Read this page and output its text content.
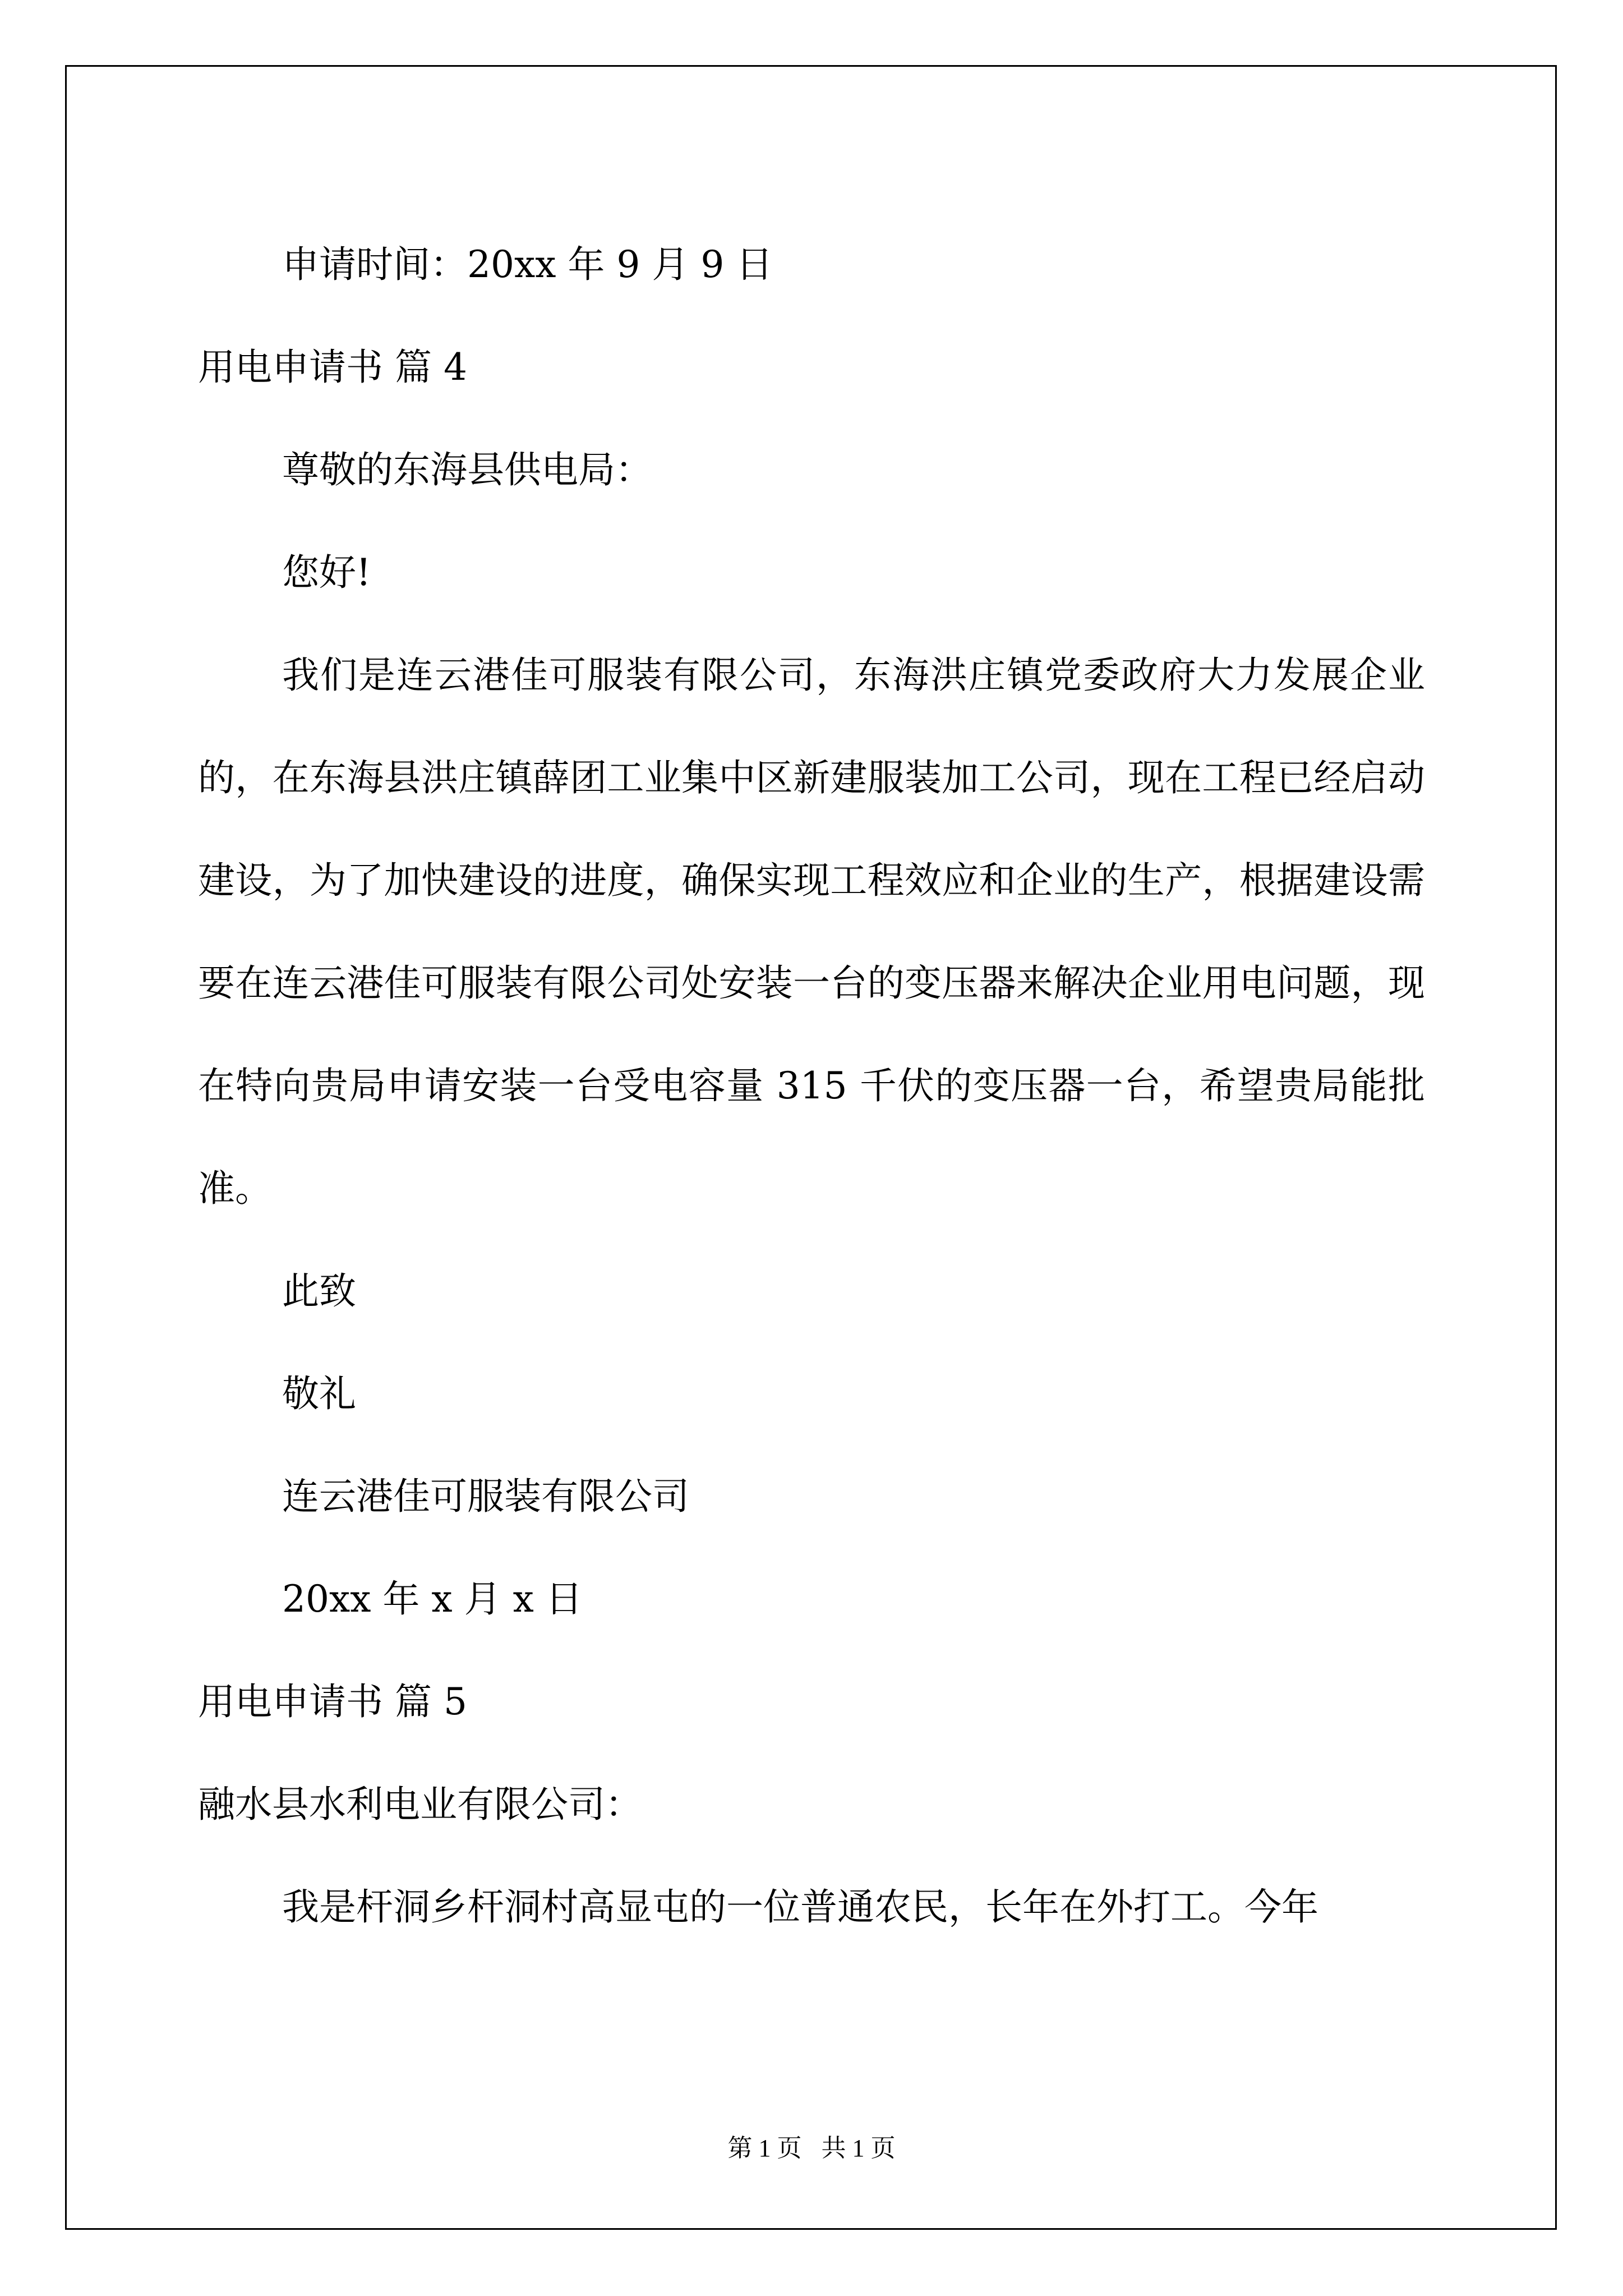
申请时间：20xx 年 9 月 9 日

用电申请书 篇 4

尊敬的东海县供电局：

您好!

我们是连云港佳可服装有限公司，东海洪庄镇党委政府大力发展企业的，在东海县洪庄镇薛团工业集中区新建服装加工公司，现在工程已经启动建设，为了加快建设的进度，确保实现工程效应和企业的生产，根据建设需要在连云港佳可服装有限公司处安装一台的变压器来解决企业用电问题，现在特向贵局申请安装一台受电容量 315 千伏的变压器一台，希望贵局能批准。

此致

敬礼

连云港佳可服装有限公司

20xx 年 x 月 x 日

用电申请书 篇 5

融水县水利电业有限公司：

我是杆洞乡杆洞村高显屯的一位普通农民，长年在外打工。今年

第 1 页 共 1 页
